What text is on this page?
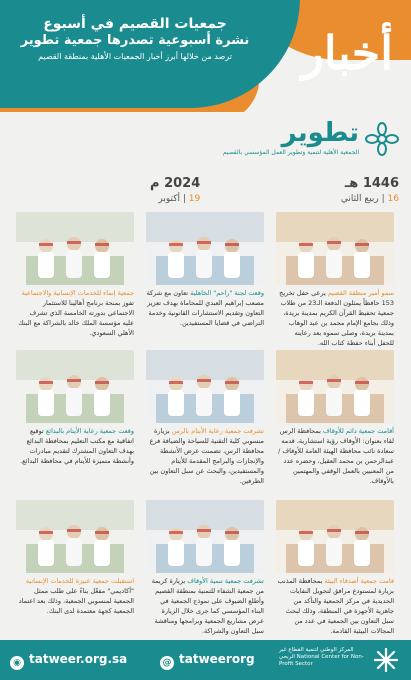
أخبار
جمعيات القصيم في أسبوع
نشرة أسبوعية تصدرها جمعية تطوير
ترصد من خلالها أبرز أخبار الجمعيات الأهلية بمنطقة القصيم
تطوير
الجمعية الأهلية لتنمية وتطوير العمل المؤسسي بالقصيم
1446 هـ
16 | ربيع الثاني
2024 م
19 | أكتوبر
سمو أمير منطقة القصيم يرعى حفل تخريج 153 حافظاً يمثلون الدفعة الـ23 من طلاب جمعية تحفيظ القرآن الكريم بمدينة بريدة، وذلك بجامع الإمام محمد بن عبد الوهاب بمدينة بريدة، وصلى سموه بعد رعايته للحفل أبناء حفظة كتاب الله.
وقعت لجنة "راحم" الخاهلية تعاون مع شركة مصعب إبراهيم العبدي للمحاماة بهدف تعزيز التعاون وتقديم الاستشارات القانونية وخدمة التراضي في قضايا المستفيدين.
جمعية إنماء للخدمات الإنسانية والاجتماعية تفوز بمنحة برنامج أهالينا للاستثمار الاجتماعي بدورته الخامسة الذي تشرف عليه مؤسسة الملك خالد بالشراكة مع البنك الأهلي السعودي.
أقامت جمعية دائم للأوقاف بمحافظة الرس لقاء بعنوان: الأوقاف رؤية استشارية، قدمه سعادة نائب محافظة الهيئة العامة للأوقاف / عبدالرحمن بن محمد العقيل، وحضره عدد من المعنيين بالعمل الوقفي والمهتمين بالأوقاف.
تشرفت جمعية رعاية الأيتام بالرس بزيارة منسوبي كلية التقنية للسياحة والضيافة فرع محافظة الرس، تضمنت عرض الأنشطة والإنجازات والبرامج المقدمة للأيتام والمستفيدين، والبحث عن سبل التعاون بين الطرفين.
وقعت جمعية رعاية الأيتام بالبدائع توقيع اتفاقية مع مكتب التعليم بمحافظة البدائع بهدف التعاون المشترك لتقديم مبادرات وأنشطة متميزة للأيتام في محافظة البدائع.
قامت جمعية أصدقاء البيئة بمحافظة المذنب بزيارة لمستودع مرافق لتحويل النفايات الحديدية في مركز الجمعية والتأكد من جاهزية الأجهزة في المنطقة، وذلك لبحث سبل التعاون بين الجمعية في عدد من المجالات البيئية القادمة.
تشرفت جمعية تنمية الأوقاف بزيارة كريمة من جمعية الشفاء للتمنية بمنطقة القصيم وأطلع الضيوف على نموذج الجمعية في البناء المؤسسي كما جرى خلال الزيارة عرض مشاريع الجمعية وبرامجها ومناقشة سبل التعاون والشراكة.
استقبلت جمعية عنيزة للخدمات الإنسانية "أكاديمي" مفعّل بناءً على طلب ممثل الجمعية لمنسوبي الجمعية، وذلك بعد اعتماد الجمعية كجهة معتمدة لدى البنك.
◉ tatweer.org.sa	@ tatweerorg
المركز الوطني لتنمية القطاع غير الربحي National Center for Non-Profit Sector
